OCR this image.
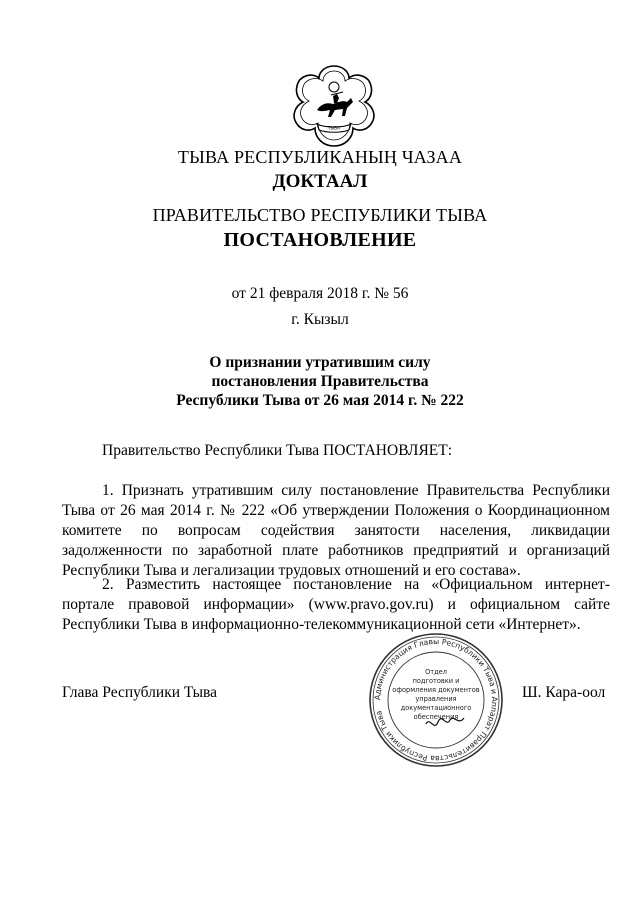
ТЫВА
ТЫВА РЕСПУБЛИКАНЫҢ ЧАЗАА
ДОКТААЛ
ПРАВИТЕЛЬСТВО РЕСПУБЛИКИ ТЫВА
ПОСТАНОВЛЕНИЕ
от 21 февраля 2018 г. № 56
г. Кызыл
О признании утратившим силу
постановления Правительства
Республики Тыва от 26 мая 2014 г. № 222
Правительство Республики Тыва ПОСТАНОВЛЯЕТ:
1. Признать утратившим силу постановление Правительства Республики Тыва от 26 мая 2014 г. № 222 «Об утверждении Положения о Координационном комитете по вопросам содействия занятости населения, ликвидации задолженности по заработной плате работников предприятий и организаций Республики Тыва и легализации трудовых отношений и его состава».
2. Разместить настоящее постановление на «Официальном интернет-портале правовой информации» (www.pravo.gov.ru) и официальном сайте Республики Тыва в информационно-телекоммуникационной сети «Интернет».
Глава Республики Тыва	Ш. Кара-оол
Администрация Главы Республики Тыва и Аппарат Правительства Республики Тыва
Отдел
подготовки и
оформления документов
управления
документационного
обеспечения
